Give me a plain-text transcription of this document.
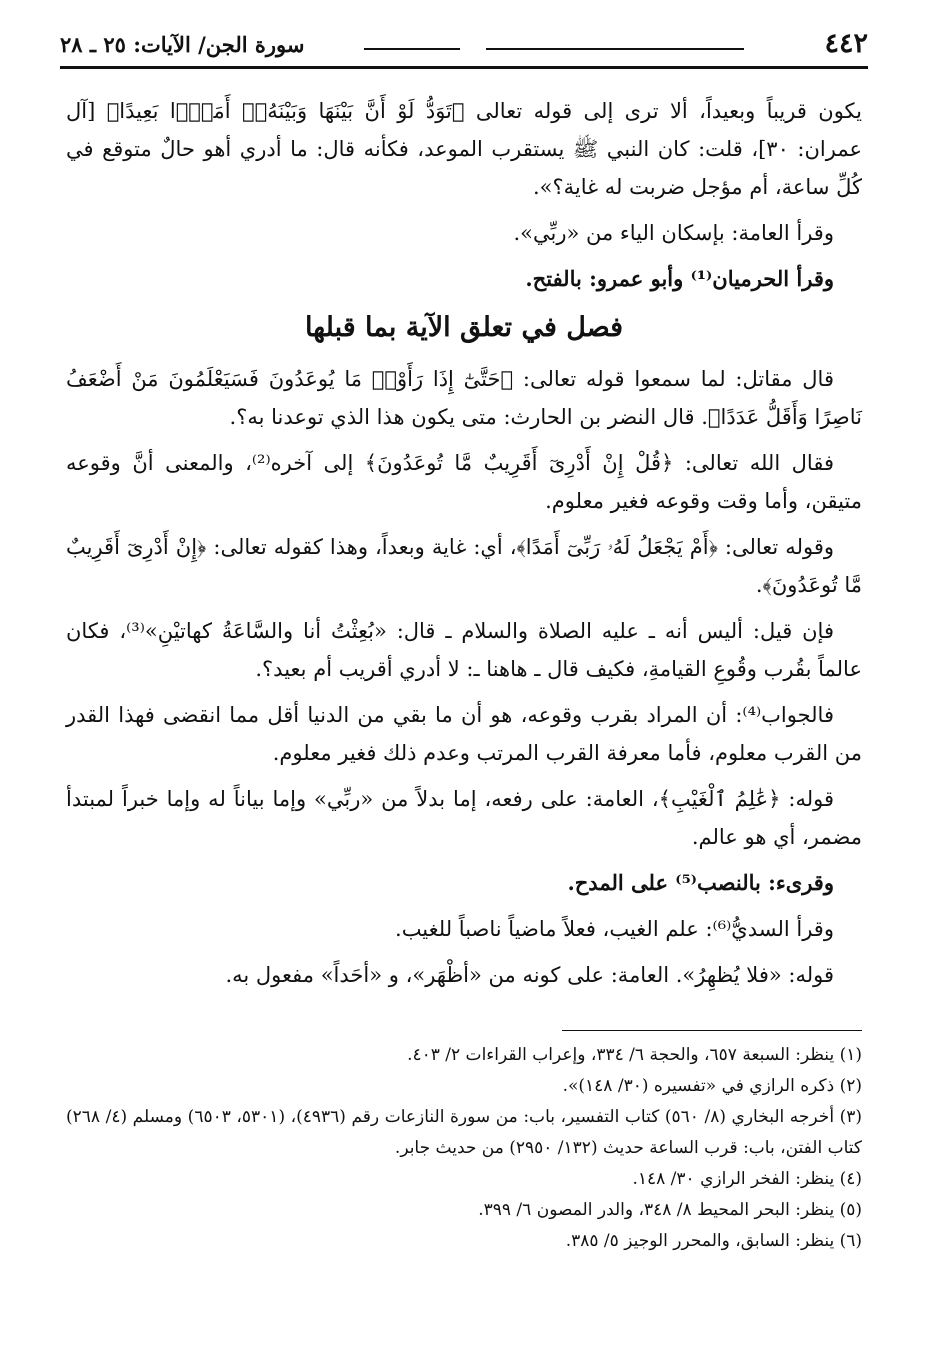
٤٤٢
سورة الجن/ الآيات: ٢٥ ـ ٢٨

يكون قريباً وبعيداً، ألا ترى إلى قوله تعالى ﴿تَوَدُّ لَوْ أَنَّ بَيْنَهَا وَبَيْنَهُۥٓ أَمَدًۢا بَعِيدًا﴾ [آل عمران: ٣٠]، قلت: كان النبي ﷺ يستقرب الموعد، فكأنه قال: ما أدري أهو حالٌ متوقع في كُلِّ ساعة، أم مؤجل ضربت له غاية؟».

وقرأ العامة: بإسكان الياء من «ربِّي».

وقرأ الحرميان⁽¹⁾ وأبو عمرو: بالفتح.

فصل في تعلق الآية بما قبلها

قال مقاتل: لما سمعوا قوله تعالى: ﴿حَتَّىٰٓ إِذَا رَأَوْا۟ مَا يُوعَدُونَ فَسَيَعْلَمُونَ مَنْ أَضْعَفُ نَاصِرًا وَأَقَلُّ عَدَدًا﴾. قال النضر بن الحارث: متى يكون هذا الذي توعدنا به؟.

فقال الله تعالى: ﴿قُلْ إِنْ أَدْرِىٓ أَقَرِيبٌ مَّا تُوعَدُونَ﴾ إلى آخره⁽²⁾، والمعنى أنَّ وقوعه متيقن، وأما وقت وقوعه فغير معلوم.

وقوله تعالى: ﴿أَمْ يَجْعَلُ لَهُۥ رَبِّىٓ أَمَدًا﴾، أي: غاية وبعداً، وهذا كقوله تعالى: ﴿إِنْ أَدْرِىٓ أَقَرِيبٌ مَّا تُوعَدُونَ﴾.

فإن قيل: أليس أنه ـ عليه الصلاة والسلام ـ قال: «بُعِثْتُ أنا والسَّاعَةُ كهاتيْنِ»⁽³⁾، فكان عالماً بقُرب وقُوعِ القيامةِ، فكيف قال ـ هاهنا ـ: لا أدري أقريب أم بعيد؟.

فالجواب⁽⁴⁾: أن المراد بقرب وقوعه، هو أن ما بقي من الدنيا أقل مما انقضى فهذا القدر من القرب معلوم، فأما معرفة القرب المرتب وعدم ذلك فغير معلوم.

قوله: ﴿عَٰلِمُ ٱلْغَيْبِ﴾، العامة: على رفعه، إما بدلاً من «ربِّي» وإما بياناً له وإما خبراً لمبتدأ مضمر، أي هو عالم.

وقرىء: بالنصب⁽⁵⁾ على المدح.

وقرأ السديُّ⁽⁶⁾: علم الغيب، فعلاً ماضياً ناصباً للغيب.

قوله: «فلا يُظهِرُ». العامة: على كونه من «أظْهَر»، و «أحَداً» مفعول به.

(١) ينظر: السبعة ٦٥٧، والحجة ٦/ ٣٣٤، وإعراب القراءات ٢/ ٤٠٣.

(٢) ذكره الرازي في «تفسيره (٣٠/ ١٤٨)».

(٣) أخرجه البخاري (٨/ ٥٦٠) كتاب التفسير، باب: من سورة النازعات رقم (٤٩٣٦)، (٥٣٠١، ٦٥٠٣) ومسلم (٤/ ٢٦٨) كتاب الفتن، باب: قرب الساعة حديث (١٣٢/ ٢٩٥٠) من حديث جابر.

(٤) ينظر: الفخر الرازي ٣٠/ ١٤٨.

(٥) ينظر: البحر المحيط ٨/ ٣٤٨، والدر المصون ٦/ ٣٩٩.

(٦) ينظر: السابق، والمحرر الوجيز ٥/ ٣٨٥.
